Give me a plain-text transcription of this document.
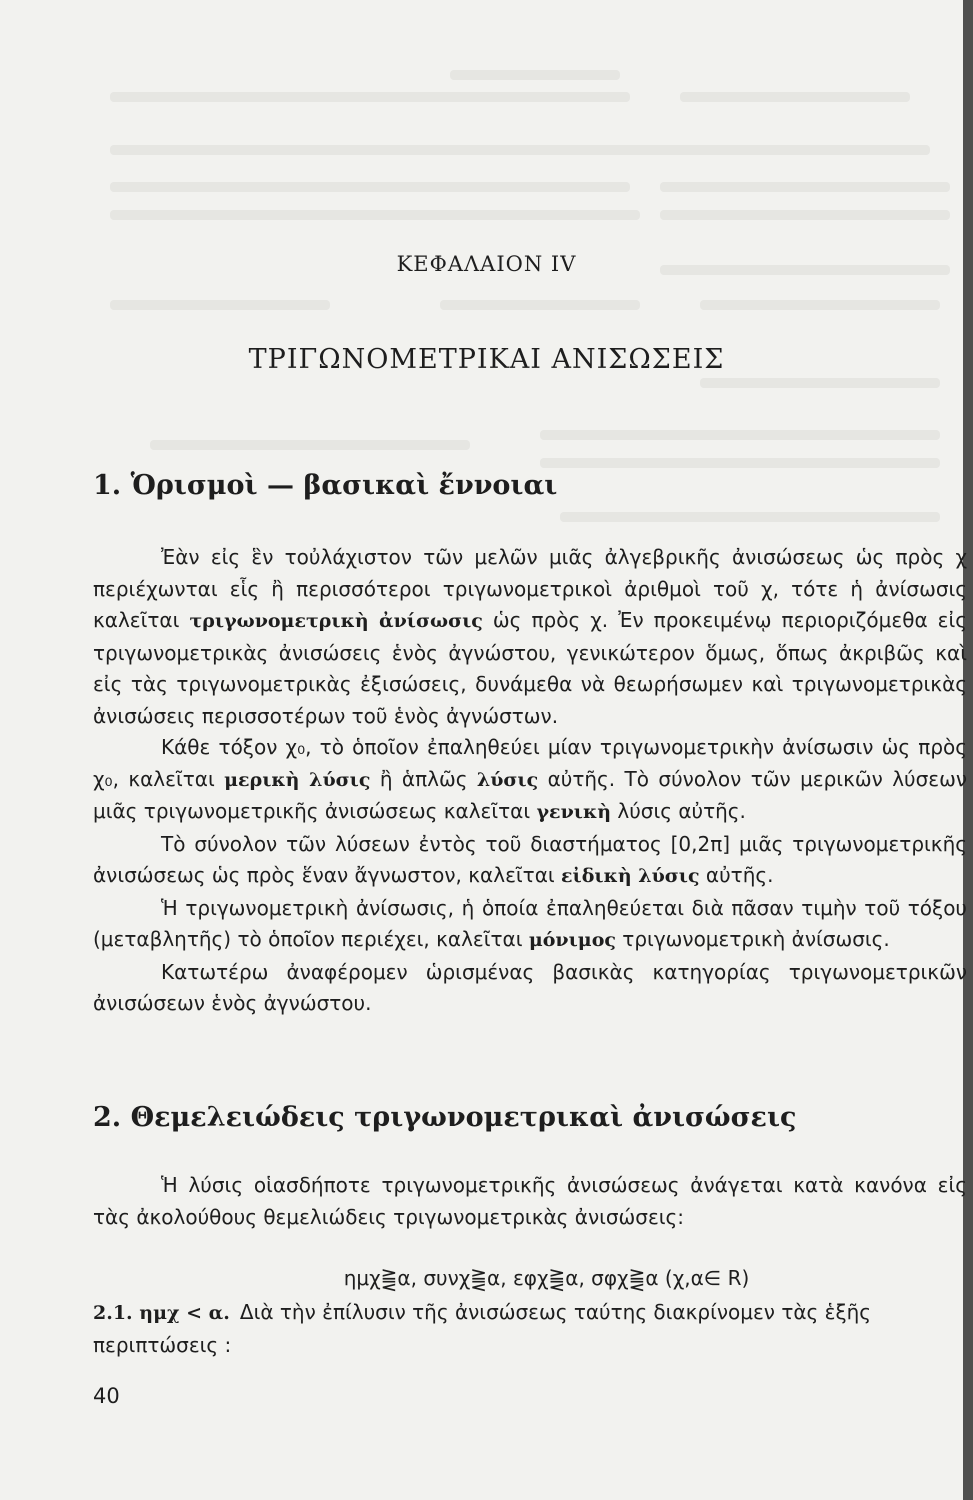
ΚΕΦΑΛΑΙΟΝ IV
ΤΡΙΓΩΝΟΜΕΤΡΙΚΑΙ ΑΝΙΣΩΣΕΙΣ
1. Ὁρισμοὶ — βασικαὶ ἔννοιαι

Ἐὰν εἰς ἓν τοὐλάχιστον τῶν μελῶν μιᾶς ἀλγεβρικῆς ἀνισώσεως ὡς πρὸς χ περιέχωνται εἷς ἢ περισσότεροι τριγωνομετρικοὶ ἀριθμοὶ τοῦ χ, τότε ἡ ἀνίσωσις καλεῖται τριγωνομετρικὴ ἀνίσωσις ὡς πρὸς χ. Ἐν προκειμένῳ περιοριζόμεθα εἰς τριγωνομετρικὰς ἀνισώσεις ἑνὸς ἀγνώστου, γενικώτερον ὅμως, ὅπως ἀκριβῶς καὶ εἰς τὰς τριγωνομετρικὰς ἐξισώσεις, δυνάμεθα νὰ θεωρήσωμεν καὶ τριγωνομετρικὰς ἀνισώσεις περισσοτέρων τοῦ ἑνὸς ἀγνώστων.

Κάθε τόξον χ₀, τὸ ὁποῖον ἐπαληθεύει μίαν τριγωνομετρικὴν ἀνίσωσιν ὡς πρὸς χ₀, καλεῖται μερικὴ λύσις ἢ ἁπλῶς λύσις αὐτῆς. Τὸ σύνολον τῶν μερικῶν λύσεων μιᾶς τριγωνομετρικῆς ἀνισώσεως καλεῖται γενικὴ λύσις αὐτῆς.

Τὸ σύνολον τῶν λύσεων ἐντὸς τοῦ διαστήματος [0,2π] μιᾶς τριγωνομετρικῆς ἀνισώσεως ὡς πρὸς ἕναν ἄγνωστον, καλεῖται εἰδικὴ λύσις αὐτῆς.

Ἡ τριγωνομετρικὴ ἀνίσωσις, ἡ ὁποία ἐπαληθεύεται διὰ πᾶσαν τιμὴν τοῦ τόξου (μεταβλητῆς) τὸ ὁποῖον περιέχει, καλεῖται μόνιμος τριγωνομετρικὴ ἀνίσωσις.

Κατωτέρω ἀναφέρομεν ὡρισμένας βασικὰς κατηγορίας τριγωνομετρικῶν ἀνισώσεων ἑνὸς ἀγνώστου.

2. Θεμελειώδεις τριγωνομετρικαὶ ἀνισώσεις

Ἡ λύσις οἱασδήποτε τριγωνομετρικῆς ἀνισώσεως ἀνάγεται κατὰ κανόνα εἰς τὰς ἀκολούθους θεμελιώδεις τριγωνομετρικὰς ἀνισώσεις:

ημχ⪌α, συνχ⪌α, εφχ⪌α, σφχ⪌α (χ,α∈ R)
2.1. ημχ < α. Διὰ τὴν ἐπίλυσιν τῆς ἀνισώσεως ταύτης διακρίνομεν τὰς ἑξῆς περιπτώσεις :
40
